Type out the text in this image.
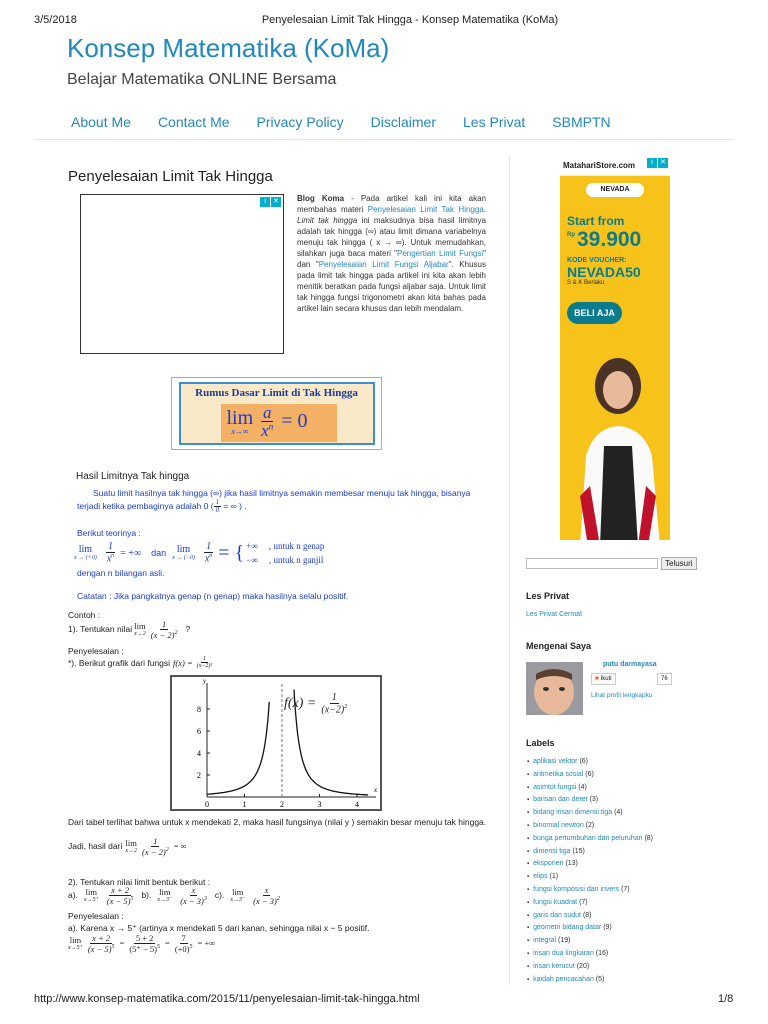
3/5/2018	Penyelesaian Limit Tak Hingga - Konsep Matematika (KoMa)
Konsep Matematika (KoMa)
Belajar Matematika ONLINE Bersama
About Me Contact Me Privacy Policy Disclaimer Les Privat SBMPTN
Penyelesaian Limit Tak Hingga
i	✕ Blog Koma - Pada artikel kali ini kita akan membahas materi Penyelesaian Limit Tak Hingga. Limit tak hingga ini maksudnya bisa hasil limitnya adalah tak hingga (∞) atau limit dimana variabelnya menuju tak hingga ( x → ∞). Untuk memudahkan, silahkan juga baca materi "Pengertian Limit Fungsi" dan "Penyelesaian Limit Fungsi Aljabar". Khusus pada limit tak hingga pada artikel ini kita akan lebih menitik beratkan pada fungsi aljabar saja. Untuk limit tak hingga fungsi trigonometri akan kita bahas pada artikel lain secara khusus dan lebih mendalam.
Rumus Dasar Limit di Tak Hingga
lim
$x\to\infty \frac{a}{x^n} = 0$
Hasil Limitnya Tak hingga
Suatu limit hasilnya tak hingga (∞) jika hasil limitnya semakin membesar menuju tak hingga, bisanya terjadi ketika pembaginya adalah 0 ( $\frac{1}{0}$ = ∞ ) .
Berikut teorinya :
lim
$x \to (+0) \frac{1}{x^n}$ = +∞ dan lim
$x \to (-0) \frac{1}{x^n}$ = { +∞     , untuk n genap
−∞     , untuk n ganjil
dengan n bilangan asli.
Catatan : Jika pangkatnya genap (n genap) maka hasilnya selalu positif.
Contoh :
1). Tentukan nilai lim
$x\to 2 \frac{1}{(x - 2)^2}$ ?
Penyelesaian :
*). Berikut grafik dari fungsi $f(x) = \frac{1}{\text{(x−2)²}}$
0	1	2	3	4
2
4
6
8
x
y
$f(x) = \frac{1}{(x-2)^2}$
Dari tabel terlihat bahwa untuk x mendekati 2, maka hasil fungsinya (nilai y ) semakin besar menuju tak hingga.
Jadi, hasil dari lim
$x\to 2 \frac{1}{(x - 2)^2}$ = ∞
2). Tentukan nilai limit bentuk berikut :
a). lim
$x\to 5^+ \frac{x + 2}{(x - 5)^5} b$). lim
$x\to 3^- \frac{x}{(x - 3)^3} c$). lim
$x\to 3^- \frac{x}{(x - 3)^2}$
Penyelesaian :
a). Karena x → 5⁺ (artinya x mendekati 5 dari kanan, sehingga nilai x − 5 positif.
lim
$x\to 5^+ \frac{x + 2}{(x - 5)^5} = \frac{5 + 2}{(5^+ - 5)^5} = \frac{7}{(+0)^5}$ = +∞
MatahariStore.com	i	✕
NEVADA
Start from
Rp 39.900
KODE VOUCHER:
NEVADA50
S & K Berlaku
BELI AJA
Telusuri
Les Privat
Les Privat Cermat
Mengenai Saya
putu darmayasa
■ Ikuti	76
Lihat profil lengkapku
Labels
▪ aplikasi vektor (6)
▪ aritmetika sosial (6)
▪ asimtot fungsi (4)
▪ barisan dan deret (3)
▪ bidang irisan dimensi tiga (4)
▪ binomial newton (2)
▪ bunga pertumbuhan dan peluruhan (8)
▪ dimensi tiga (15)
▪ eksponen (13)
▪ elips (1)
▪ fungsi komposisi dan invers (7)
▪ fungsi kuadrat (7)
▪ garis dan sudut (8)
▪ geometri bidang datar (9)
▪ integral (19)
▪ irisan dua lingkaran (16)
▪ irisan kerucut (20)
▪ kaidah pencacahan (5)
http://www.konsep-matematika.com/2015/11/penyelesaian-limit-tak-hingga.html	1/8
